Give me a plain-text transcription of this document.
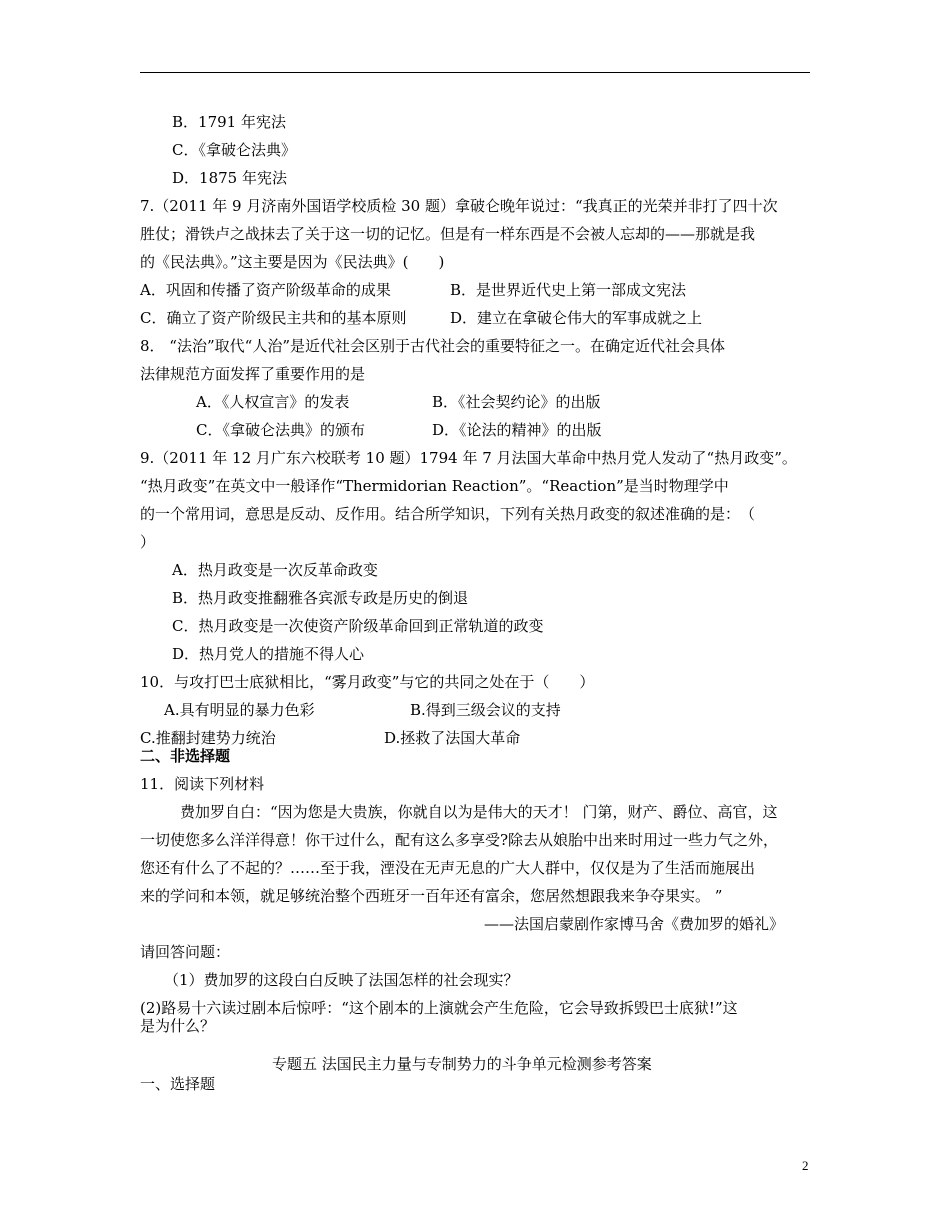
B．1791 年宪法
C．《拿破仑法典》
D．1875 年宪法
7.（2011 年 9 月济南外国语学校质检 30 题）拿破仑晚年说过：“我真正的光荣并非打了四十次
胜仗；滑铁卢之战抹去了关于这一切的记忆。但是有一样东西是不会被人忘却的——那就是我
的《民法典》。”这主要是因为《民法典》(　　)
A．巩固和传播了资产阶级革命的成果	B．是世界近代史上第一部成文宪法
C．确立了资产阶级民主共和的基本原则	D．建立在拿破仑伟大的军事成就之上
8． “法治”取代“人治”是近代社会区别于古代社会的重要特征之一。在确定近代社会具体
法律规范方面发挥了重要作用的是
A．《人权宣言》的发表	B．《社会契约论》的出版
C．《拿破仑法典》的颁布	D．《论法的精神》的出版
9.（2011 年 12 月广东六校联考 10 题）1794 年 7 月法国大革命中热月党人发动了“热月政变”。
“热月政变”在英文中一般译作“Thermidorian Reaction”。“Reaction”是当时物理学中
的一个常用词，意思是反动、反作用。结合所学知识，下列有关热月政变的叙述准确的是：　（
）
A．热月政变是一次反革命政变
B．热月政变推翻雅各宾派专政是历史的倒退
C．热月政变是一次使资产阶级革命回到正常轨道的政变
D．热月党人的措施不得人心
10．与攻打巴士底狱相比，“雾月政变”与它的共同之处在于（　　）
A.具有明显的暴力色彩	B.得到三级会议的支持
C.推翻封建势力统治	D.拯救了法国大革命
二、非选择题
11．阅读下列材料
费加罗自白：“因为您是大贵族，你就自以为是伟大的天才！ 门第，财产、爵位、高官，这
一切使您多么洋洋得意！你干过什么，配有这么多享受?除去从娘胎中出来时用过一些力气之外，
您还有什么了不起的？……至于我，湮没在无声无息的广大人群中，仅仅是为了生活而施展出
来的学问和本领，就足够统治整个西班牙一百年还有富余，您居然想跟我来争夺果实。 ”
——法国启蒙剧作家博马舍《费加罗的婚礼》
请回答问题：
（1）费加罗的这段白白反映了法国怎样的社会现实？
(2)路易十六读过剧本后惊呼：“这个剧本的上演就会产生危险，它会导致拆毁巴士底狱!”这
是为什么？
专题五 法国民主力量与专制势力的斗争单元检测参考答案
一、选择题
2
